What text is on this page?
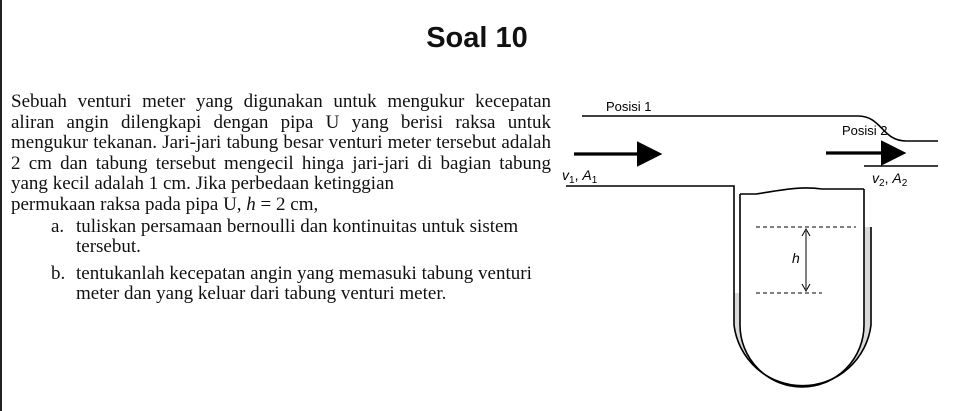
Soal 10

Sebuah venturi meter yang digunakan untuk mengukur kecepatan aliran angin dilengkapi dengan pipa U yang berisi raksa untuk mengukur tekanan. Jari-jari tabung besar venturi meter tersebut adalah 2 cm dan tabung tersebut mengecil hinga jari-jari di bagian tabung yang kecil adalah 1 cm. Jika perbedaan ketinggian
permukaan raksa pada pipa U, h = 2 cm,

a. tuliskan persamaan bernoulli dan kontinuitas untuk sistem tersebut.
b. tentukanlah kecepatan angin yang memasuki tabung venturi meter dan yang keluar dari tabung venturi meter.
h
Posisi 1
Posisi 2
$v_1$, $A_1$	$v_2$, $A_2$
